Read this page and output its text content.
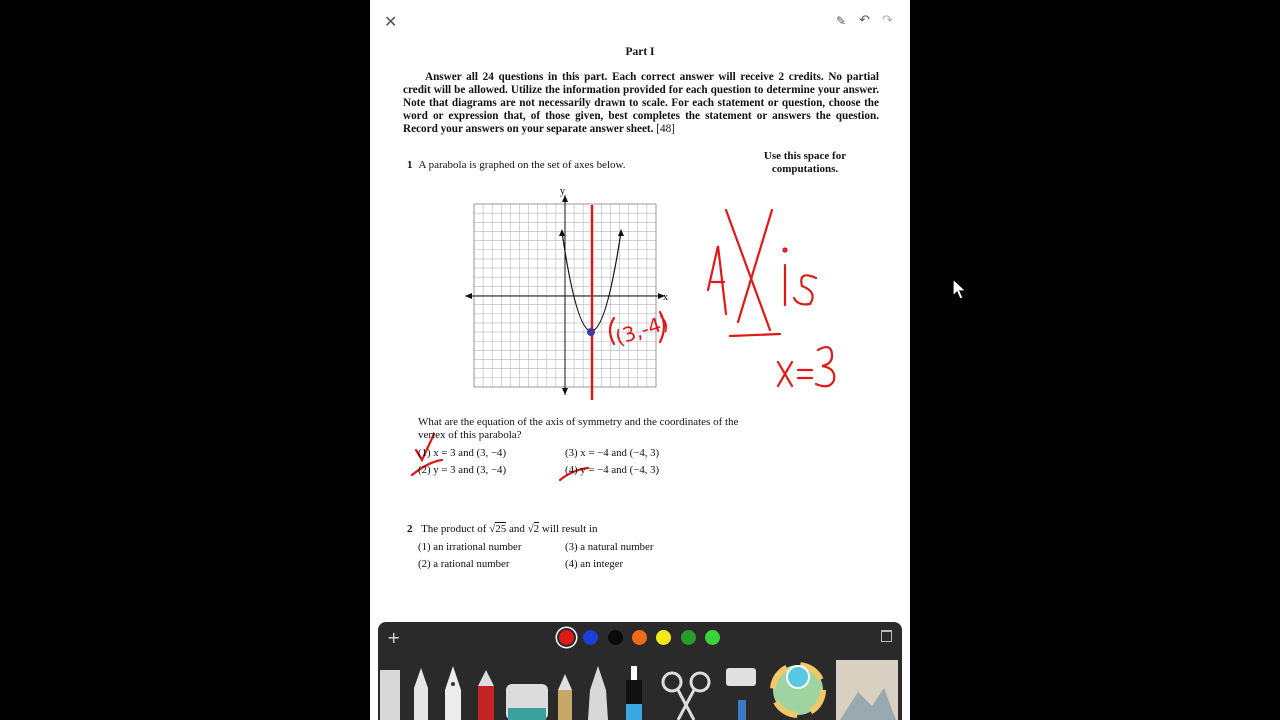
✕	✎ ↶ ↷
Part I
Answer all 24 questions in this part. Each correct answer will receive 2 credits. No partial credit will be allowed. Utilize the information provided for each question to determine your answer. Note that diagrams are not necessarily drawn to scale. For each statement or question, choose the word or expression that, of those given, best completes the statement or answers the question. Record your answers on your separate answer sheet. [48]
1 A parabola is graphed on the set of axes below.
Use this space for computations.
x
y
(3,-4)
What are the equation of the axis of symmetry and the coordinates of the vertex of this parabola?
(1) x = 3 and (3, −4)
(2) y = 3 and (3, −4)
(3) x = −4 and (−4, 3)
(4) y = −4 and (−4, 3)
2 The product of √25 and √2 will result in
(1) an irrational number
(2) a rational number
(3) a natural number
(4) an integer
+
